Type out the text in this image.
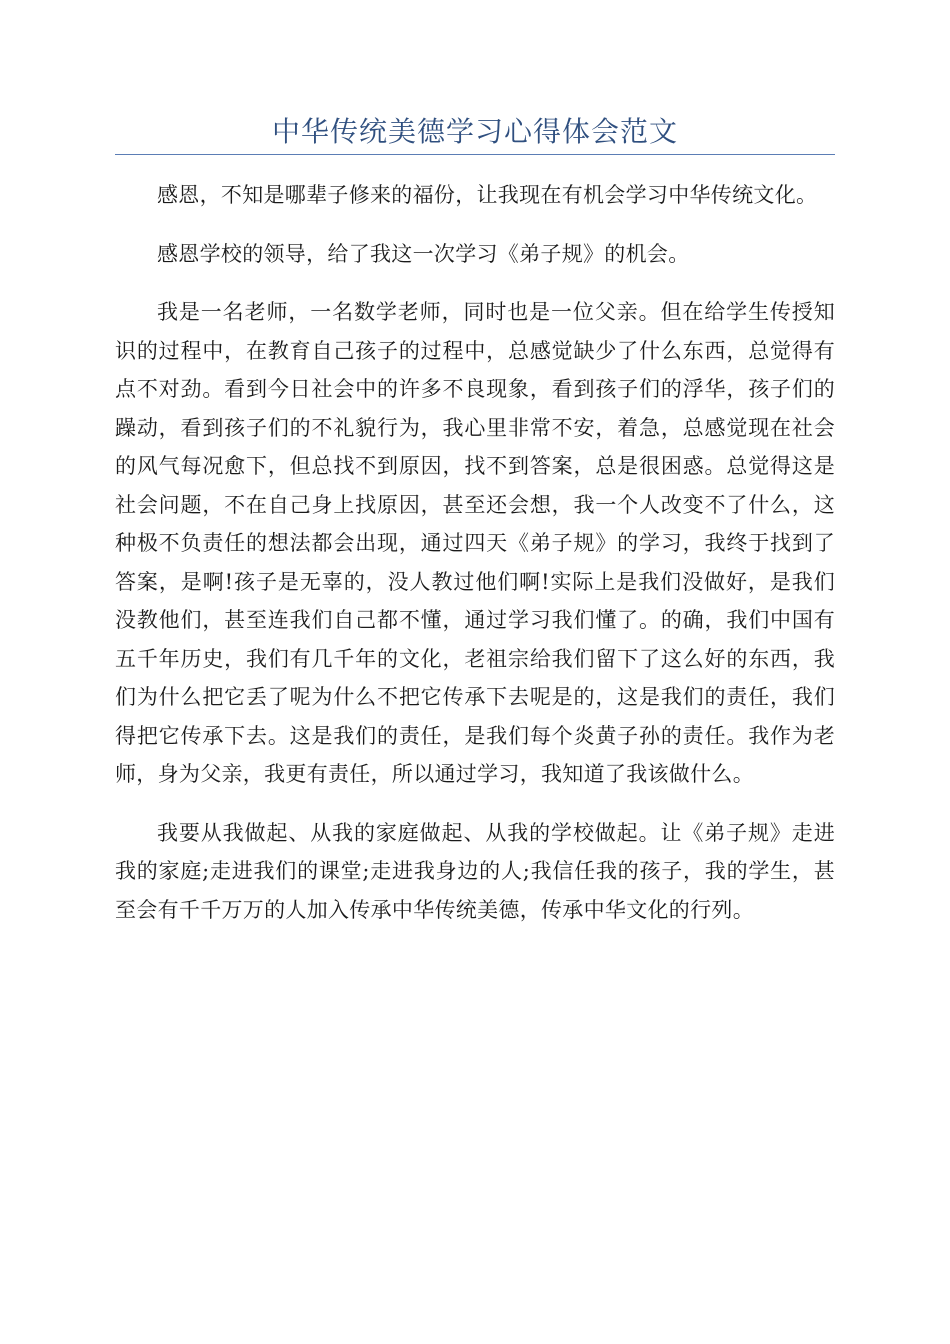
中华传统美德学习心得体会范文

感恩，不知是哪辈子修来的福份，让我现在有机会学习中华传统文化。

感恩学校的领导，给了我这一次学习《弟子规》的机会。

我是一名老师，一名数学老师，同时也是一位父亲。但在给学生传授知识的过程中，在教育自己孩子的过程中，总感觉缺少了什么东西，总觉得有点不对劲。看到今日社会中的许多不良现象，看到孩子们的浮华，孩子们的躁动，看到孩子们的不礼貌行为，我心里非常不安，着急，总感觉现在社会的风气每况愈下，但总找不到原因，找不到答案，总是很困惑。总觉得这是社会问题，不在自己身上找原因，甚至还会想，我一个人改变不了什么，这种极不负责任的想法都会出现，通过四天《弟子规》的学习，我终于找到了答案，是啊!孩子是无辜的，没人教过他们啊!实际上是我们没做好，是我们没教他们，甚至连我们自己都不懂，通过学习我们懂了。的确，我们中国有五千年历史，我们有几千年的文化，老祖宗给我们留下了这么好的东西，我们为什么把它丢了呢为什么不把它传承下去呢是的，这是我们的责任，我们得把它传承下去。这是我们的责任，是我们每个炎黄子孙的责任。我作为老师，身为父亲，我更有责任，所以通过学习，我知道了我该做什么。

我要从我做起、从我的家庭做起、从我的学校做起。让《弟子规》走进我的家庭;走进我们的课堂;走进我身边的人;我信任我的孩子，我的学生，甚至会有千千万万的人加入传承中华传统美德，传承中华文化的行列。
